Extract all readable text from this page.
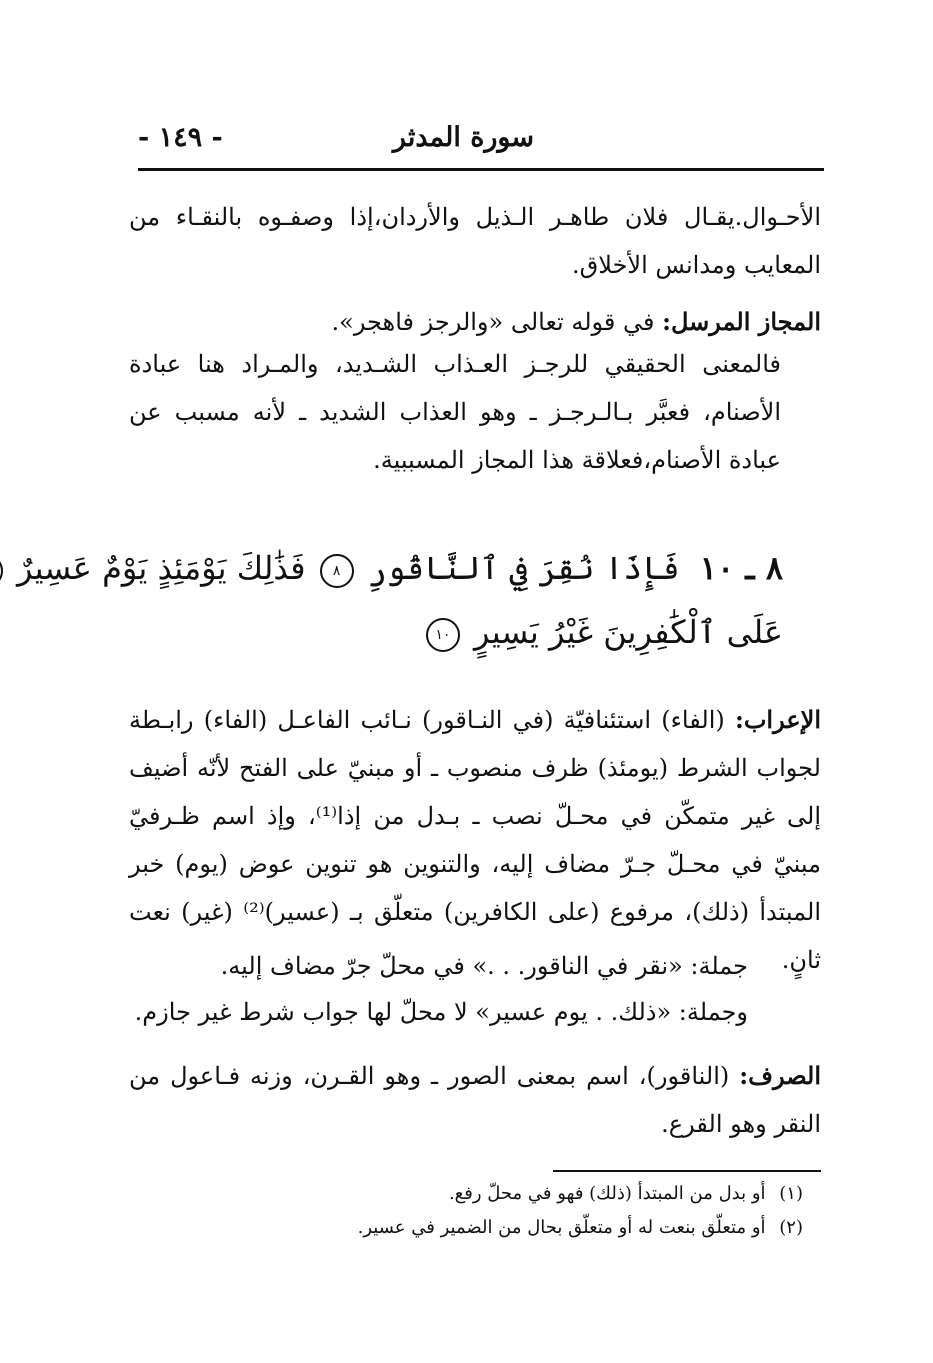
سورة المدثر
- ١٤٩ -
الأحـوال.يقـال فلان طاهـر الـذيل والأردان،إذا وصفـوه بالنقـاء من المعايب ومدانس الأخلاق.
المجاز المرسل: في قوله تعالى «والرجز فاهجر».
فالمعنى الحقيقي للرجـز العـذاب الشـديد، والمـراد هنا عبادة الأصنام، فعبَّر بـالـرجـز ـ وهو العذاب الشديد ـ لأنه مسبب عن عبادة الأصنام،فعلاقة هذا المجاز المسببية.
٨ ـ ١٠ فَإِذَا نُقِرَ فِي ٱلنَّاقُورِ ٨ فَذَٰلِكَ يَوْمَئِذٍ يَوْمٌ عَسِيرٌ
عَلَى ٱلْكَٰفِرِينَ غَيْرُ يَسِيرٍ ١٠
الإعراب: (الفاء) استئنافيّة (في النـاقور) نـائب الفاعـل (الفاء) رابـطة لجواب الشرط (يومئذ) ظرف منصوب ـ أو مبنيّ على الفتح لأنّه أضيف إلى غير متمكّن في محـلّ نصب ـ بـدل من إذا⁽¹⁾، وإذ اسم ظـرفيّ مبنيّ في محـلّ جـرّ مضاف إليه، والتنوين هو تنوين عوض (يوم) خبر المبتدأ (ذلك)، مرفوع (على الكافرين) متعلّق بـ (عسير)⁽²⁾ (غير) نعت ثانٍ.
جملة: «نقر في الناقور. . .» في محلّ جرّ مضاف إليه.
وجملة: «ذلك. . يوم عسير» لا محلّ لها جواب شرط غير جازم.
الصرف: (الناقور)، اسم بمعنى الصور ـ وهو القـرن، وزنه فـاعول من النقر وهو القرع.
(١) أو بدل من المبتدأ (ذلك) فهو في محلّ رفع.
(٢) أو متعلّق بنعت له أو متعلّق بحال من الضمير في عسير.
